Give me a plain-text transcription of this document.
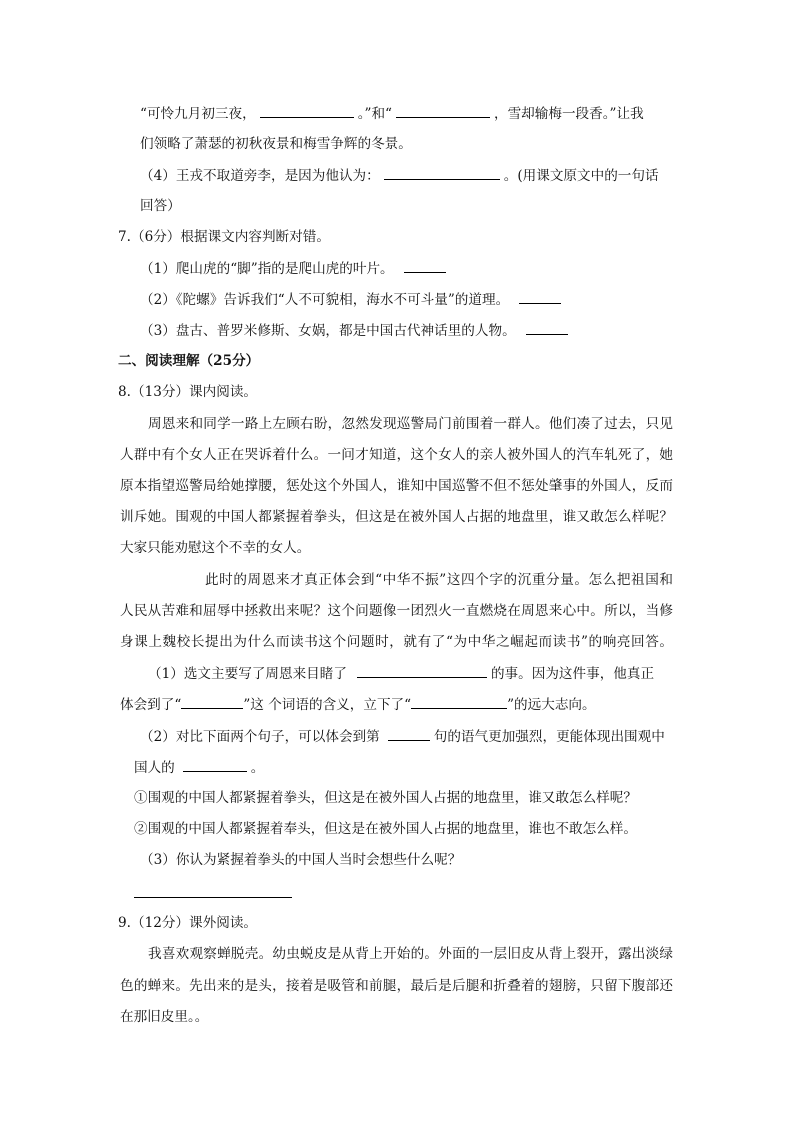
“可怜九月初三夜，	。”和“	，雪却输梅一段香。”让我
们领略了萧瑟的初秋夜景和梅雪争辉的冬景。
（4）王戎不取道旁李，是因为他认为：	。(用课文原文中的一句话
回答）
7.（6分）根据课文内容判断对错。
（1）爬山虎的“脚”指的是爬山虎的叶片。
（2）《陀螺》告诉我们“人不可貌相，海水不可斗量”的道理。
（3）盘古、普罗米修斯、女娲，都是中国古代神话里的人物。
二、阅读理解（25分）
8.（13分）课内阅读。
周恩来和同学一路上左顾右盼，忽然发现巡警局门前围着一群人。他们凑了过去，只见
人群中有个女人正在哭诉着什么。一问才知道，这个女人的亲人被外国人的汽车轧死了，她
原本指望巡警局给她撑腰，惩处这个外国人，谁知中国巡警不但不惩处肇事的外国人，反而
训斥她。围观的中国人都紧握着拳头，但这是在被外国人占据的地盘里，谁又敢怎么样呢？
大家只能劝慰这个不幸的女人。
此时的周恩来才真正体会到“中华不振”这四个字的沉重分量。怎么把祖国和
人民从苦难和屈辱中拯救出来呢？这个问题像一团烈火一直燃烧在周恩来心中。所以，当修
身课上魏校长提出为什么而读书这个问题时，就有了“为中华之崛起而读书”的响亮回答。
（1）选文主要写了周恩来目睹了	的事。因为这件事，他真正
体会到了“	”这 个词语的含义，立下了“	”的远大志向。
（2）对比下面两个句子，可以体会到第	句的语气更加强烈，更能体现出围观中
国人的	。
①围观的中国人都紧握着拳头，但这是在被外国人占据的地盘里，谁又敢怎么样呢？
②围观的中国人都紧握着奉头，但这是在被外国人占据的地盘里，谁也不敢怎么样。
（3）你认为紧握着拳头的中国人当时会想些什么呢？
9.（12分）课外阅读。
我喜欢观察蝉脱壳。幼虫蜕皮是从背上开始的。外面的一层旧皮从背上裂开，露出淡绿
色的蝉来。先出来的是头，接着是吸管和前腿，最后是后腿和折叠着的翅膀，只留下腹部还
在那旧皮里。。
